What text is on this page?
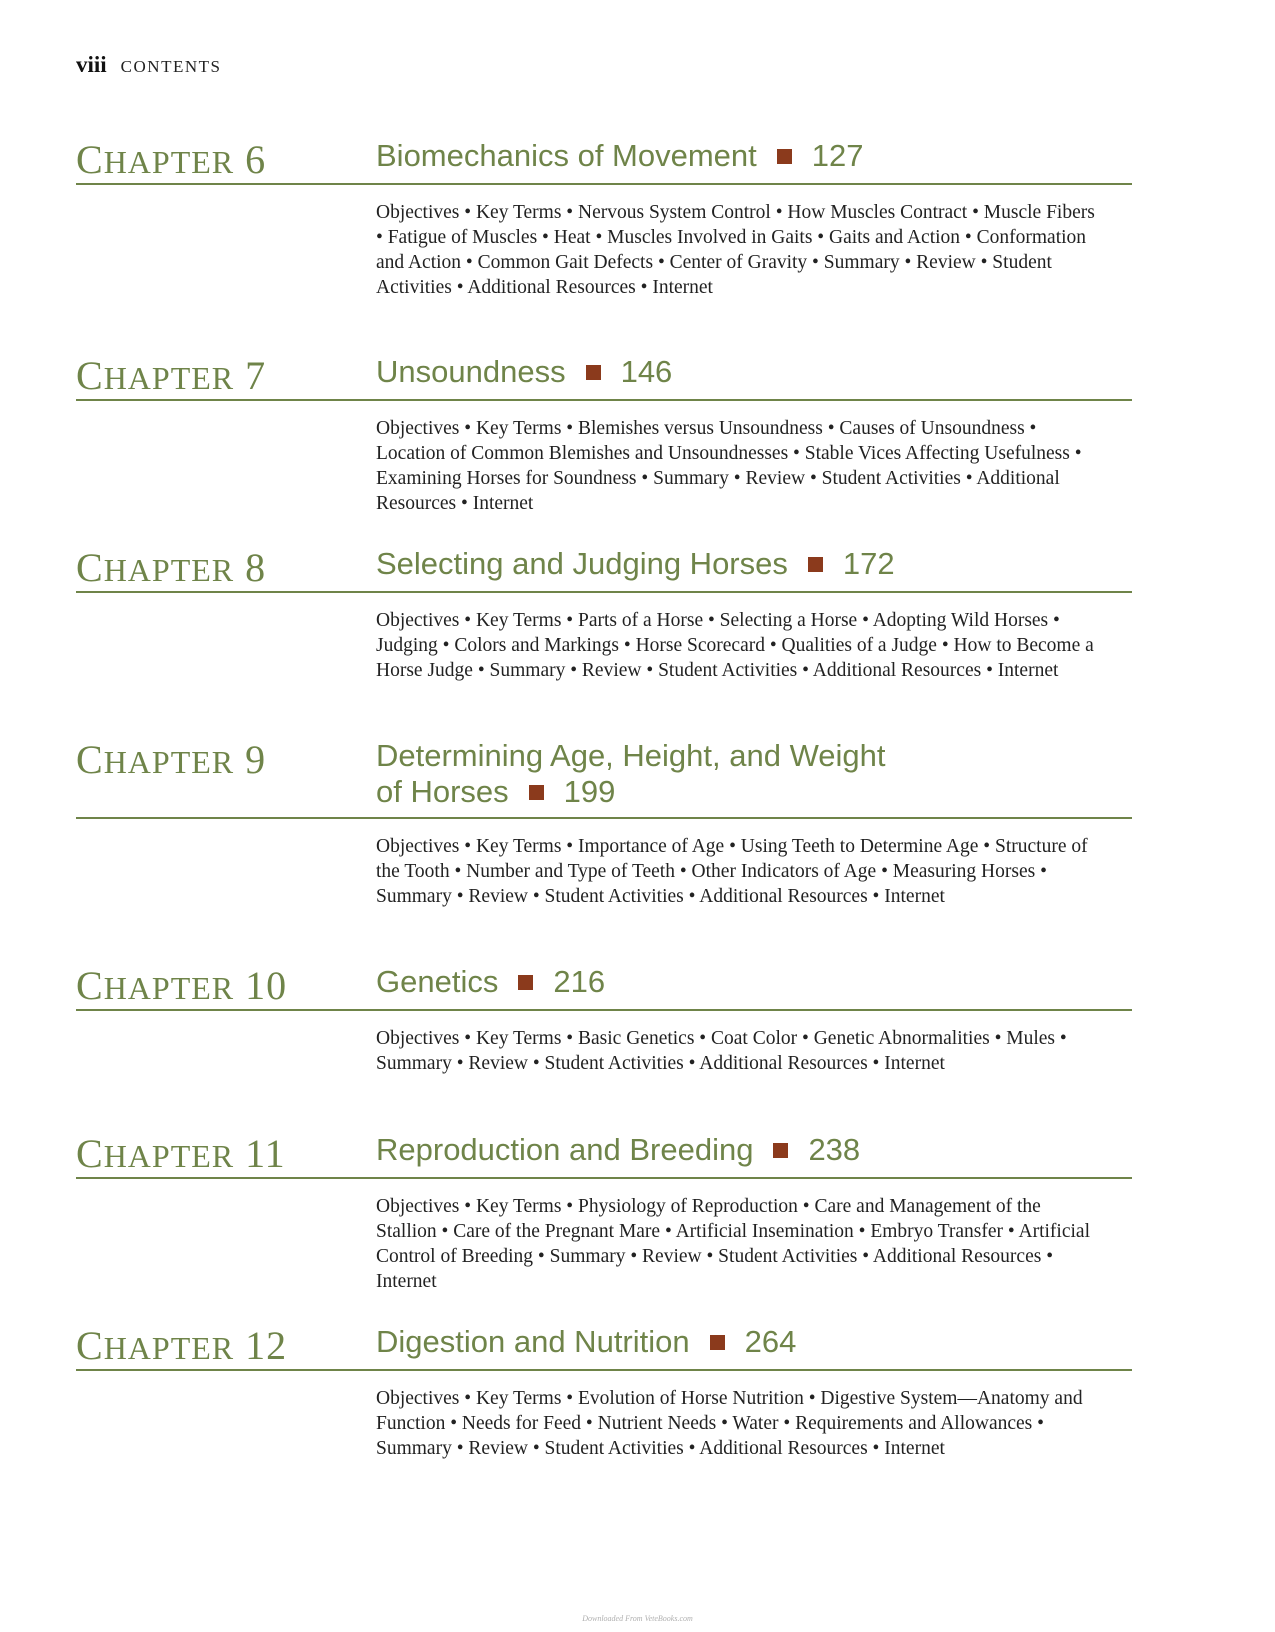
viii CONTENTS
CHAPTER 6	Biomechanics of Movement 127
Objectives • Key Terms • Nervous System Control • How Muscles Contract • Muscle Fibers • Fatigue of Muscles • Heat • Muscles Involved in Gaits • Gaits and Action • Conformation and Action • Common Gait Defects • Center of Gravity • Summary • Review • Student Activities • Additional Resources • Internet
CHAPTER 7	Unsoundness 146
Objectives • Key Terms • Blemishes versus Unsoundness • Causes of Unsoundness • Location of Common Blemishes and Unsoundnesses • Stable Vices Affecting Usefulness • Examining Horses for Soundness • Summary • Review • Student Activities • Additional Resources • Internet
CHAPTER 8	Selecting and Judging Horses 172
Objectives • Key Terms • Parts of a Horse • Selecting a Horse • Adopting Wild Horses • Judging • Colors and Markings • Horse Scorecard • Qualities of a Judge • How to Become a Horse Judge • Summary • Review • Student Activities • Additional Resources • Internet
CHAPTER 9	Determining Age, Height, and Weight
of Horses 199
Objectives • Key Terms • Importance of Age • Using Teeth to Determine Age • Structure of the Tooth • Number and Type of Teeth • Other Indicators of Age • Measuring Horses • Summary • Review • Student Activities • Additional Resources • Internet
CHAPTER 10	Genetics 216
Objectives • Key Terms • Basic Genetics • Coat Color • Genetic Abnormalities • Mules • Summary • Review • Student Activities • Additional Resources • Internet
CHAPTER 11	Reproduction and Breeding 238
Objectives • Key Terms • Physiology of Reproduction • Care and Management of the Stallion • Care of the Pregnant Mare • Artificial Insemination • Embryo Transfer • Artificial Control of Breeding • Summary • Review • Student Activities • Additional Resources • Internet
CHAPTER 12	Digestion and Nutrition 264
Objectives • Key Terms • Evolution of Horse Nutrition • Digestive System—Anatomy and Function • Needs for Feed • Nutrient Needs • Water • Requirements and Allowances • Summary • Review • Student Activities • Additional Resources • Internet
Downloaded From VeteBooks.com
